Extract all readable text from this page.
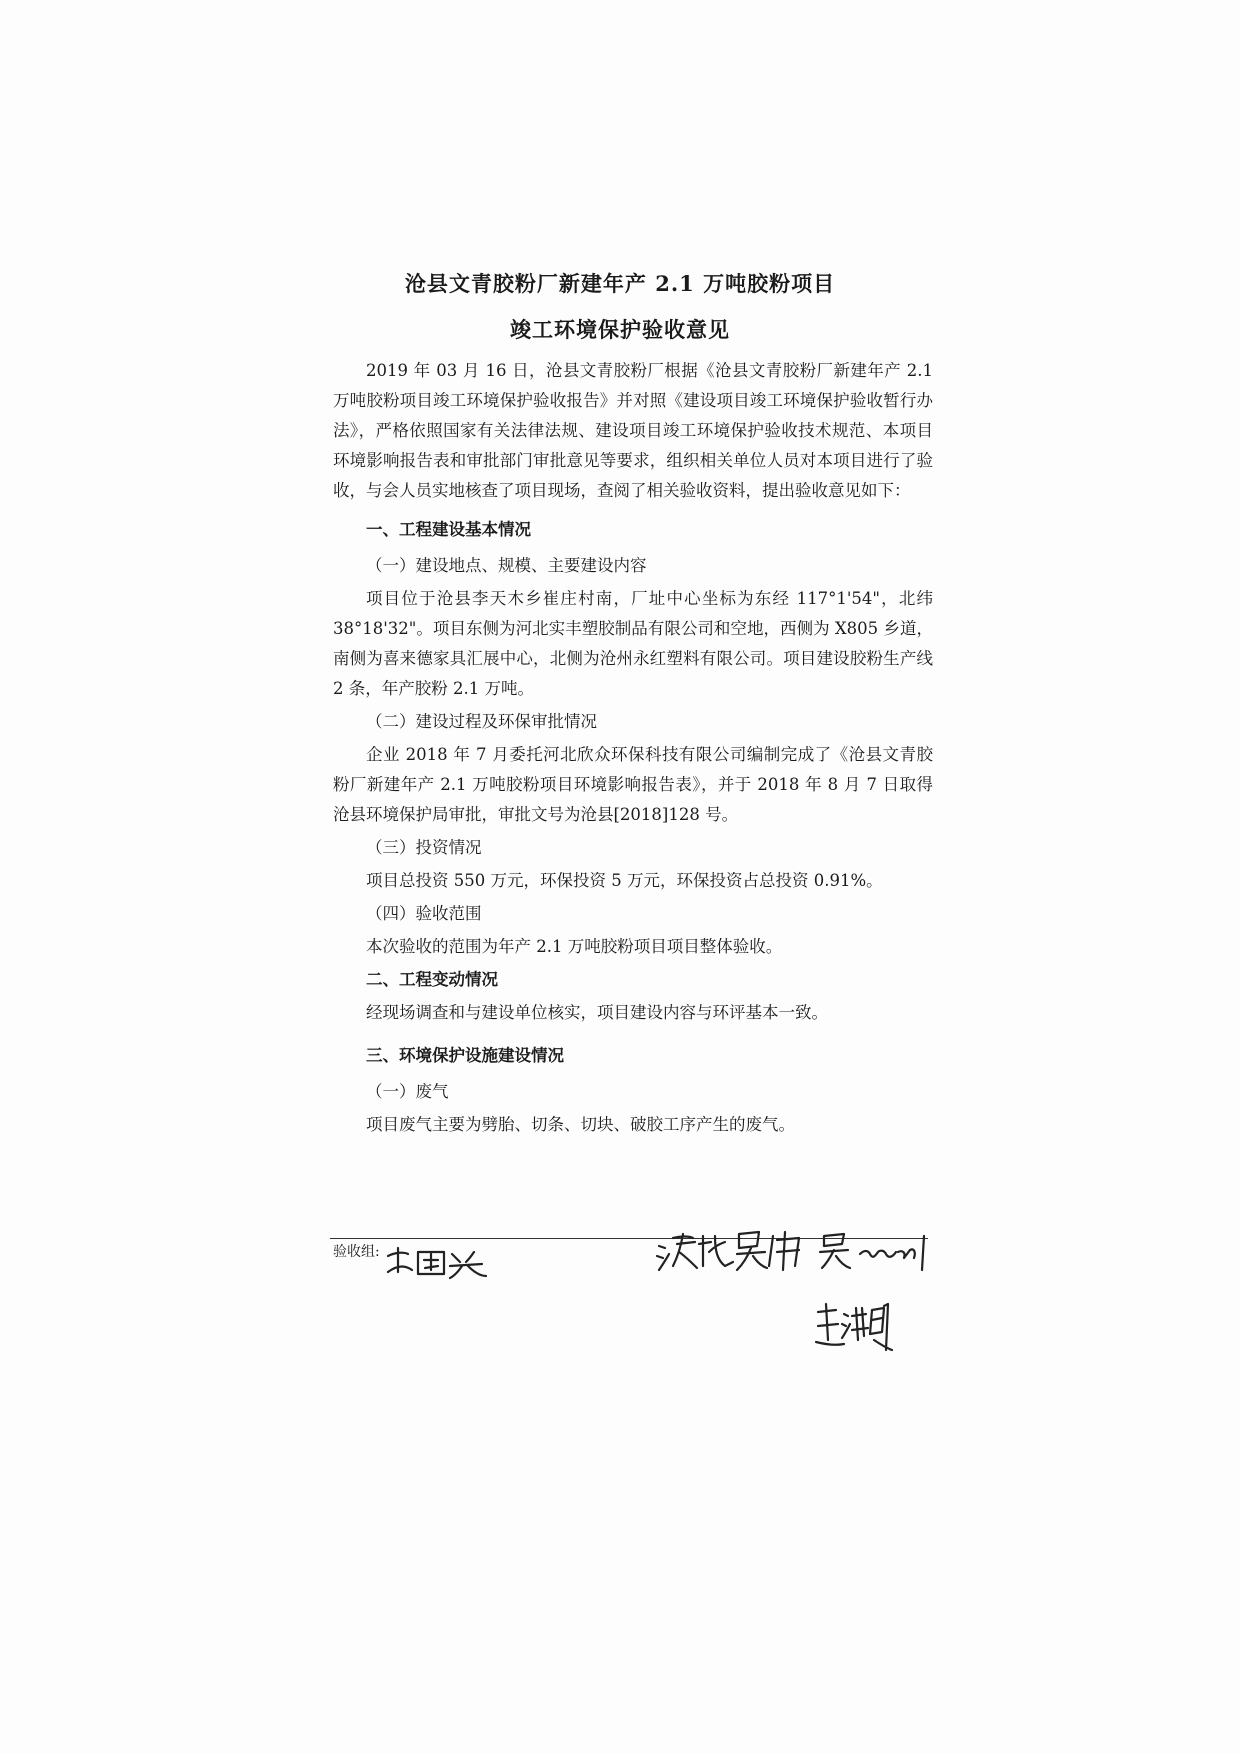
沧县文青胶粉厂新建年产 2.1 万吨胶粉项目
竣工环境保护验收意见

2019 年 03 月 16 日，沧县文青胶粉厂根据《沧县文青胶粉厂新建年产 2.1 万吨胶粉项目竣工环境保护验收报告》并对照《建设项目竣工环境保护验收暂行办法》，严格依照国家有关法律法规、建设项目竣工环境保护验收技术规范、本项目环境影响报告表和审批部门审批意见等要求，组织相关单位人员对本项目进行了验收，与会人员实地核查了项目现场，查阅了相关验收资料，提出验收意见如下：

一、工程建设基本情况

（一）建设地点、规模、主要建设内容

项目位于沧县李天木乡崔庄村南，厂址中心坐标为东经 117°1'54"，北纬 38°18'32"。项目东侧为河北实丰塑胶制品有限公司和空地，西侧为 X805 乡道，南侧为喜来德家具汇展中心，北侧为沧州永红塑料有限公司。项目建设胶粉生产线 2 条，年产胶粉 2.1 万吨。

（二）建设过程及环保审批情况

企业 2018 年 7 月委托河北欣众环保科技有限公司编制完成了《沧县文青胶粉厂新建年产 2.1 万吨胶粉项目环境影响报告表》，并于 2018 年 8 月 7 日取得沧县环境保护局审批，审批文号为沧县[2018]128 号。

（三）投资情况

项目总投资 550 万元，环保投资 5 万元，环保投资占总投资 0.91%。

（四）验收范围

本次验收的范围为年产 2.1 万吨胶粉项目项目整体验收。

二、工程变动情况

经现场调查和与建设单位核实，项目建设内容与环评基本一致。

三、环境保护设施建设情况

（一）废气

项目废气主要为劈胎、切条、切块、破胶工序产生的废气。

验收组:
